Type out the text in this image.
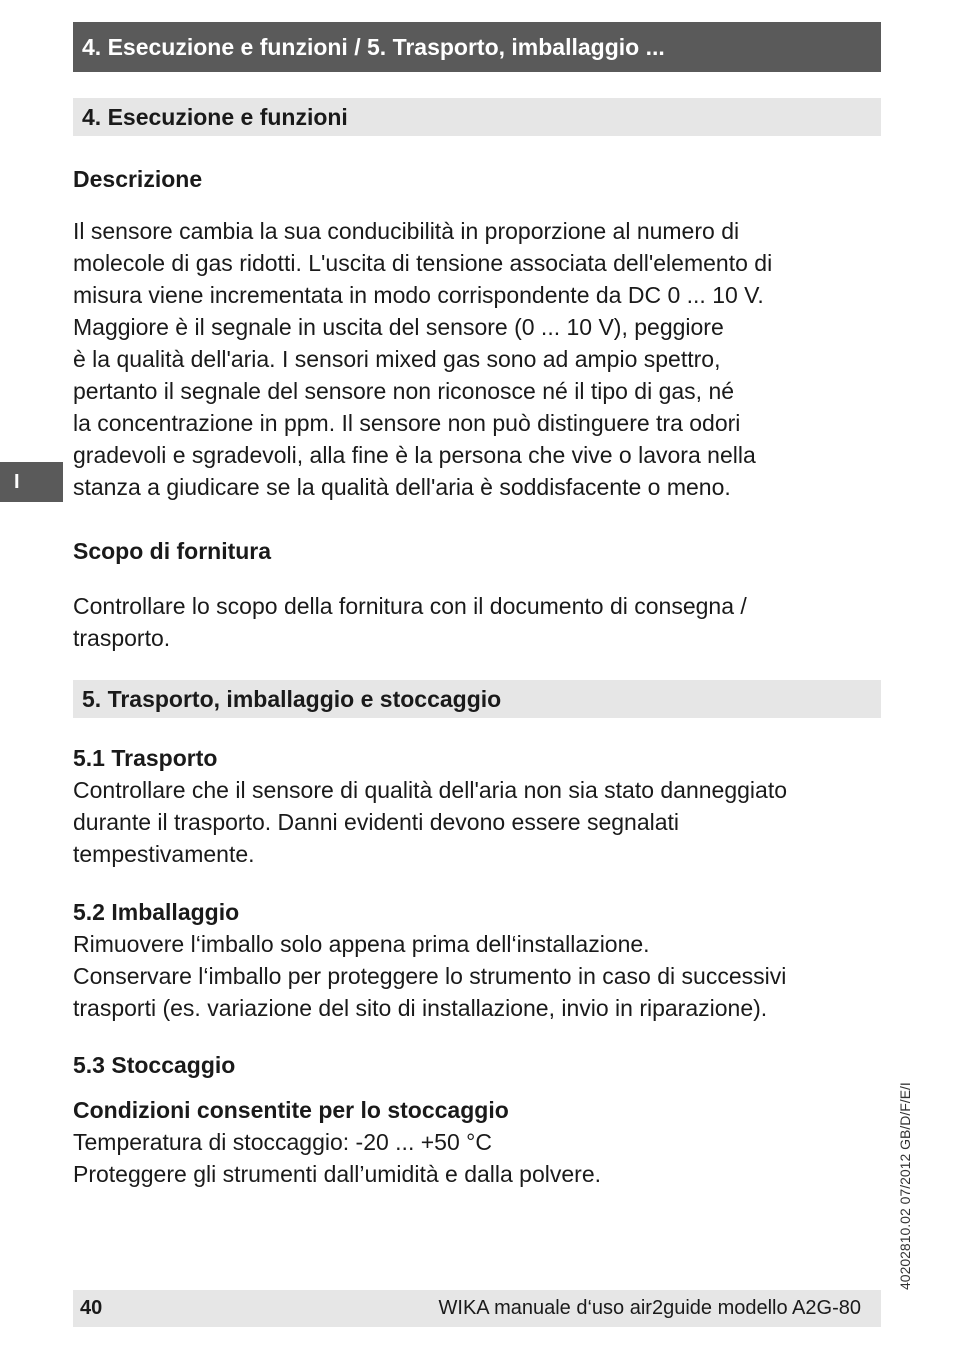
4. Esecuzione e funzioni / 5. Trasporto, imballaggio ...
4. Esecuzione e funzioni
Descrizione
Il sensore cambia la sua conducibilità in proporzione al numero di
molecole di gas ridotti. L'uscita di tensione associata dell'elemento di
misura viene incrementata in modo corrispondente da DC 0 ... 10 V.
Maggiore è il segnale in uscita del sensore (0 ... 10 V), peggiore
è la qualità dell'aria. I sensori mixed gas sono ad ampio spettro,
pertanto il segnale del sensore non riconosce né il tipo di gas, né
la concentrazione in ppm. Il sensore non può distinguere tra odori
gradevoli e sgradevoli, alla fine è la persona che vive o lavora nella
stanza a giudicare se la qualità dell'aria è soddisfacente o meno.
I
Scopo di fornitura
Controllare lo scopo della fornitura con il documento di consegna /
trasporto.
5. Trasporto, imballaggio e stoccaggio
5.1 Trasporto
Controllare che il sensore di qualità dell'aria non sia stato danneggiato
durante il trasporto. Danni evidenti devono essere segnalati
tempestivamente.
5.2 Imballaggio
Rimuovere l‘imballo solo appena prima dell‘installazione.
Conservare l‘imballo per proteggere lo strumento in caso di successivi
trasporti (es. variazione del sito di installazione, invio in riparazione).
5.3 Stoccaggio
Condizioni consentite per lo stoccaggio
Temperatura di stoccaggio: -20 ... +50 °C
Proteggere gli strumenti dall’umidità e dalla polvere.	40202810.02 07/2012 GB/D/F/E/I
40	WIKA manuale d‘uso air2guide modello A2G-80
